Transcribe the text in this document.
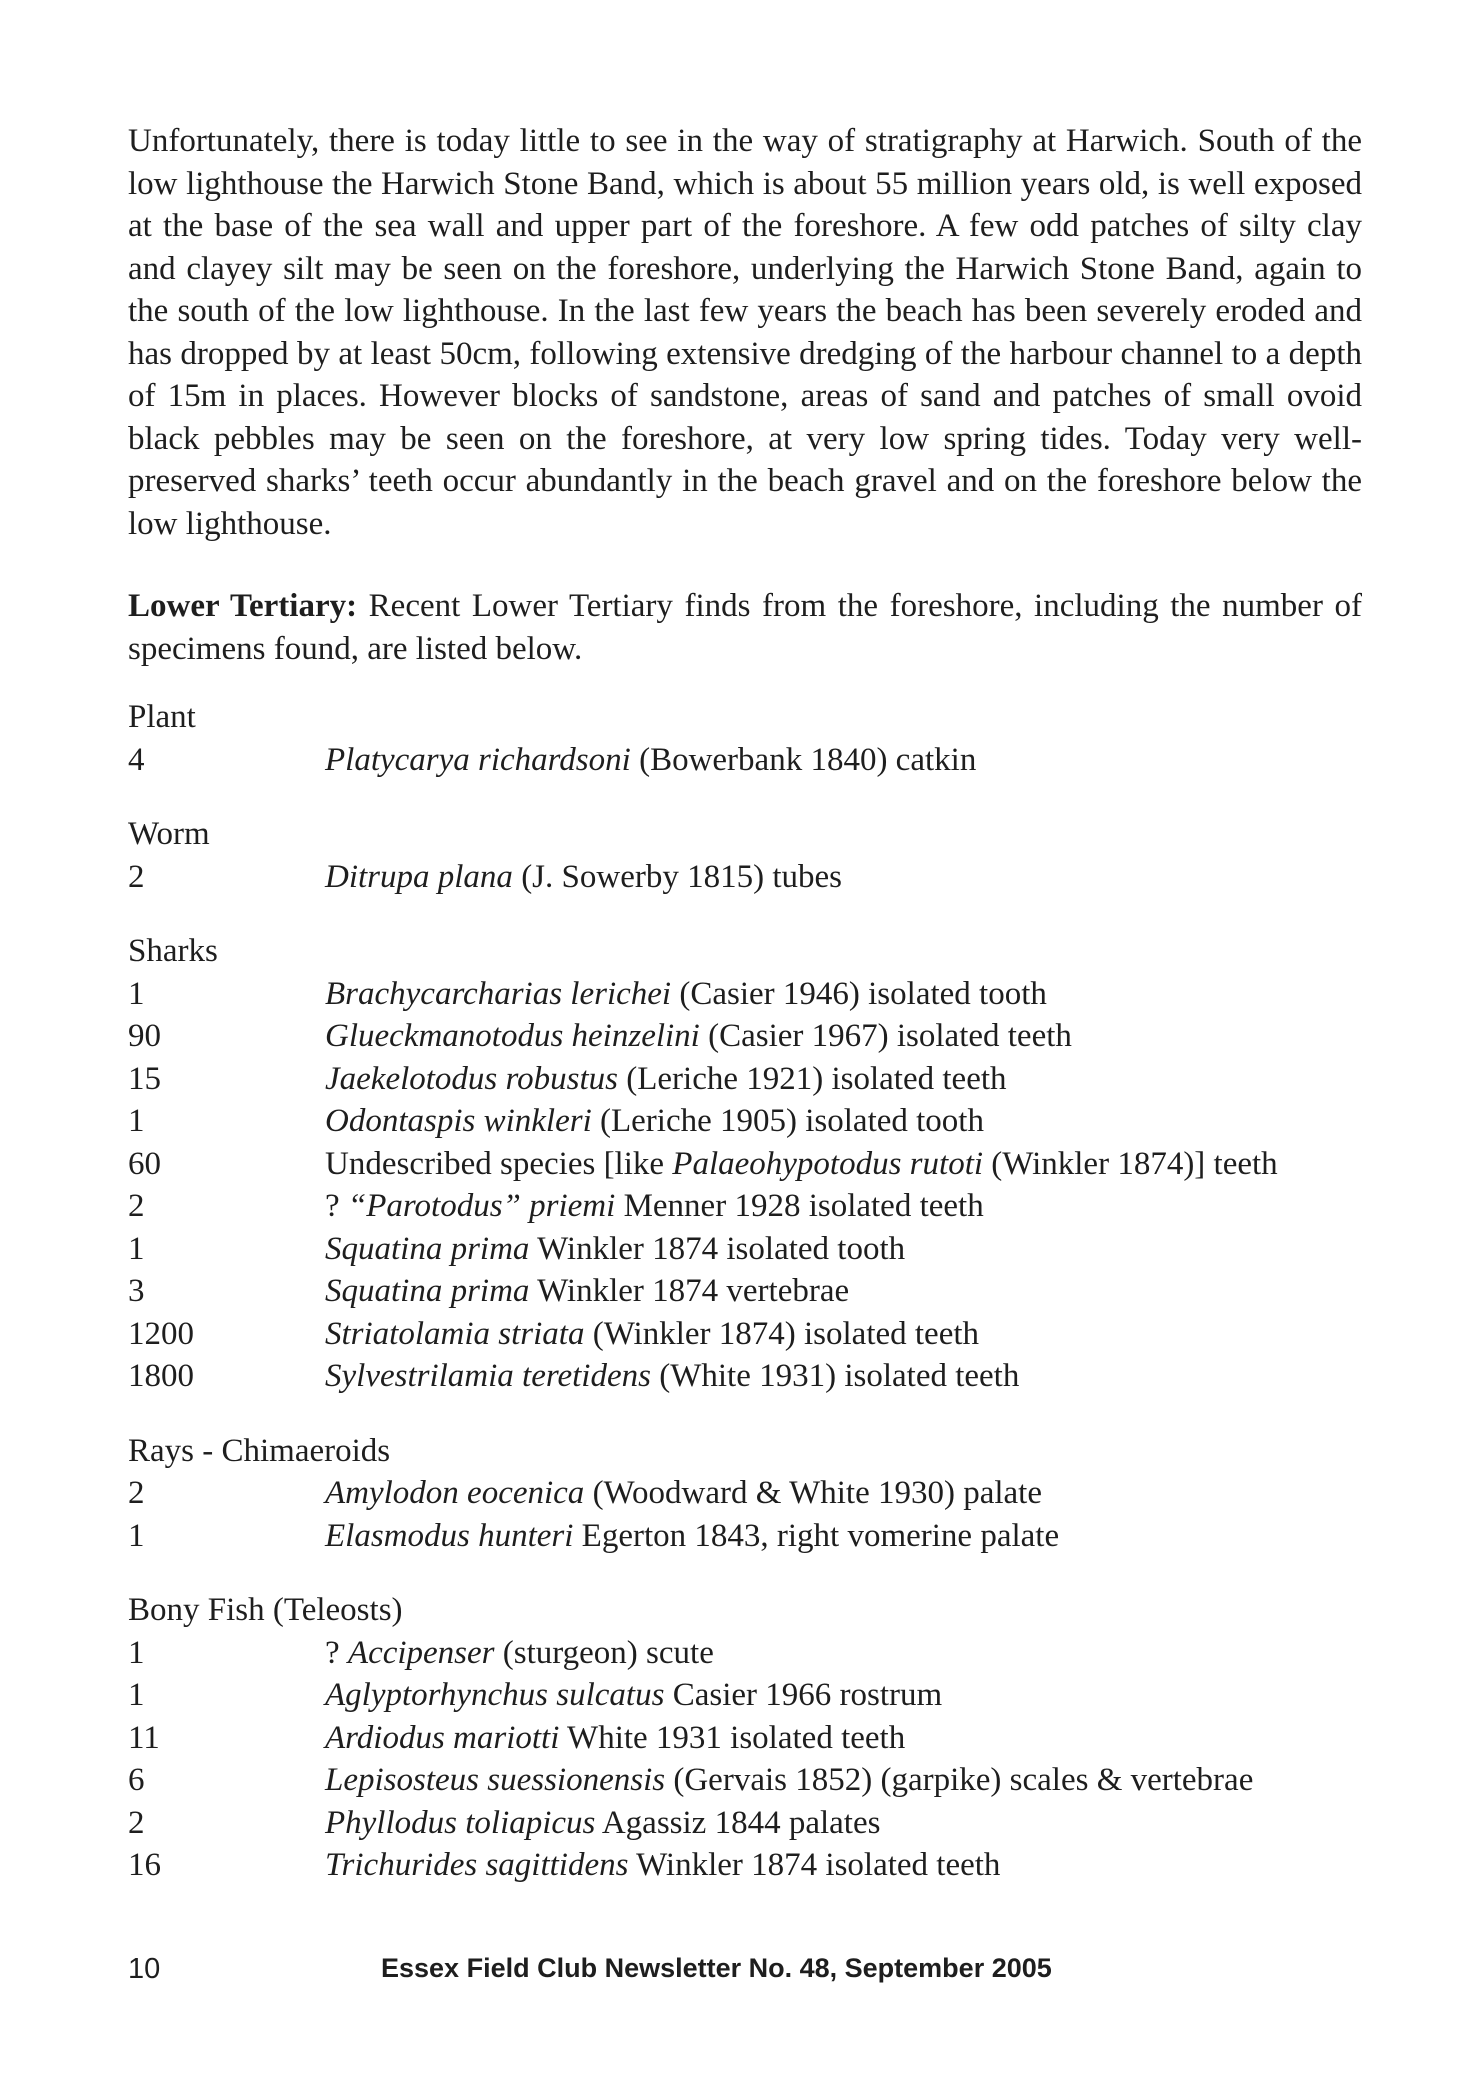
Unfortunately, there is today little to see in the way of stratigraphy at Harwich. South of the low lighthouse the Harwich Stone Band, which is about 55 million years old, is well exposed at the base of the sea wall and upper part of the foreshore. A few odd patches of silty clay and clayey silt may be seen on the foreshore, underlying the Harwich Stone Band, again to the south of the low lighthouse. In the last few years the beach has been severely eroded and has dropped by at least 50cm, following extensive dredging of the harbour channel to a depth of 15m in places. However blocks of sandstone, areas of sand and patches of small ovoid black pebbles may be seen on the foreshore, at very low spring tides. Today very well-preserved sharks’ teeth occur abundantly in the beach gravel and on the foreshore below the low lighthouse.

Lower Tertiary: Recent Lower Tertiary finds from the foreshore, including the number of specimens found, are listed below.

Plant
4	Platycarya richardsoni (Bowerbank 1840) catkin
Worm
2	Ditrupa plana (J. Sowerby 1815) tubes
Sharks
1	Brachycarcharias lerichei (Casier 1946) isolated tooth
90	Glueckmanotodus heinzelini (Casier 1967) isolated teeth
15	Jaekelotodus robustus (Leriche 1921) isolated teeth
1	Odontaspis winkleri (Leriche 1905) isolated tooth
60	Undescribed species [like Palaeohypotodus rutoti (Winkler 1874)] teeth
2	? “Parotodus” priemi Menner 1928 isolated teeth
1	Squatina prima Winkler 1874 isolated tooth
3	Squatina prima Winkler 1874 vertebrae
1200	Striatolamia striata (Winkler 1874) isolated teeth
1800	Sylvestrilamia teretidens (White 1931) isolated teeth
Rays - Chimaeroids
2	Amylodon eocenica (Woodward & White 1930) palate
1	Elasmodus hunteri Egerton 1843, right vomerine palate
Bony Fish (Teleosts)
1	? Accipenser (sturgeon) scute
1	Aglyptorhynchus sulcatus Casier 1966 rostrum
11	Ardiodus mariotti White 1931 isolated teeth
6	Lepisosteus suessionensis (Gervais 1852) (garpike) scales & vertebrae
2	Phyllodus toliapicus Agassiz 1844 palates
16	Trichurides sagittidens Winkler 1874 isolated teeth
10	Essex Field Club Newsletter No. 48, September 2005
